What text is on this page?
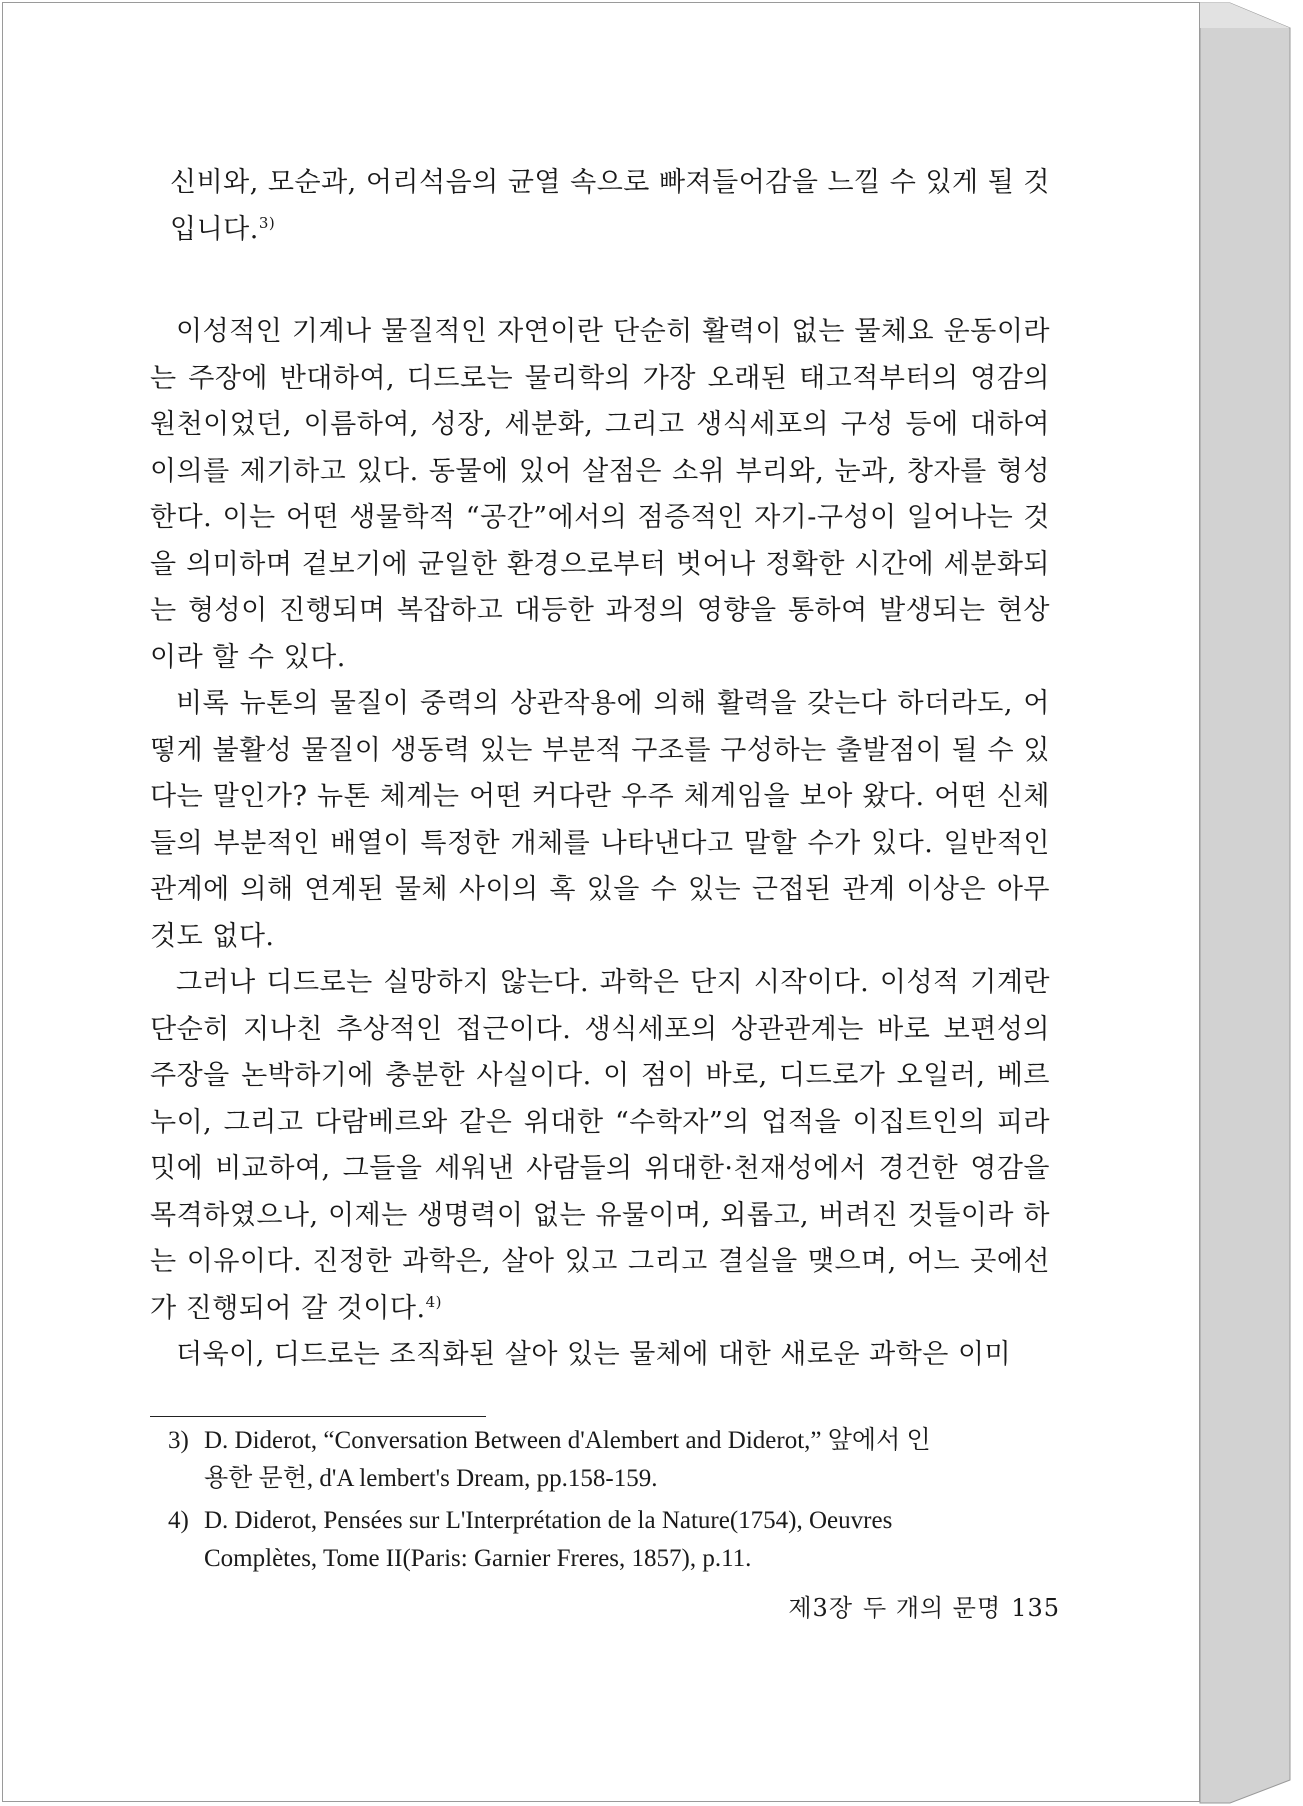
신비와, 모순과, 어리석음의 균열 속으로 빠져들어감을 느낄 수 있게 될 것입니다.$^{3)}$

이성적인 기계나 물질적인 자연이란 단순히 활력이 없는 물체요 운동이라는 주장에 반대하여, 디드로는 물리학의 가장 오래된 태고적부터의 영감의 원천이었던, 이름하여, 성장, 세분화, 그리고 생식세포의 구성 등에 대하여 이의를 제기하고 있다. 동물에 있어 살점은 소위 부리와, 눈과, 창자를 형성한다. 이는 어떤 생물학적 “공간”에서의 점증적인 자기-구성이 일어나는 것을 의미하며 겉보기에 균일한 환경으로부터 벗어나 정확한 시간에 세분화되는 형성이 진행되며 복잡하고 대등한 과정의 영향을 통하여 발생되는 현상이라 할 수 있다.

비록 뉴톤의 물질이 중력의 상관작용에 의해 활력을 갖는다 하더라도, 어떻게 불활성 물질이 생동력 있는 부분적 구조를 구성하는 출발점이 될 수 있다는 말인가? 뉴톤 체계는 어떤 커다란 우주 체계임을 보아 왔다. 어떤 신체들의 부분적인 배열이 특정한 개체를 나타낸다고 말할 수가 있다. 일반적인 관계에 의해 연계된 물체 사이의 혹 있을 수 있는 근접된 관계 이상은 아무것도 없다.

그러나 디드로는 실망하지 않는다. 과학은 단지 시작이다. 이성적 기계란 단순히 지나친 추상적인 접근이다. 생식세포의 상관관계는 바로 보편성의 주장을 논박하기에 충분한 사실이다. 이 점이 바로, 디드로가 오일러, 베르누이, 그리고 다람베르와 같은 위대한 “수학자”의 업적을 이집트인의 피라밋에 비교하여, 그들을 세워낸 사람들의 위대한·천재성에서 경건한 영감을 목격하였으나, 이제는 생명력이 없는 유물이며, 외롭고, 버려진 것들이라 하는 이유이다. 진정한 과학은, 살아 있고 그리고 결실을 맺으며, 어느 곳에선가 진행되어 갈 것이다.$^{4)}$

더욱이, 디드로는 조직화된 살아 있는 물체에 대한 새로운 과학은 이미

3) D. Diderot, “Conversation Between d'Alembert and Diderot,” 앞에서 인
용한 문헌, d'A lembert's Dream, pp.158-159.
4) D. Diderot, Pensées sur L'Interprétation de la Nature(1754), Oeuvres
Complètes, Tome II(Paris: Garnier Freres, 1857), p.11.
제3장 두 개의 문명 135
